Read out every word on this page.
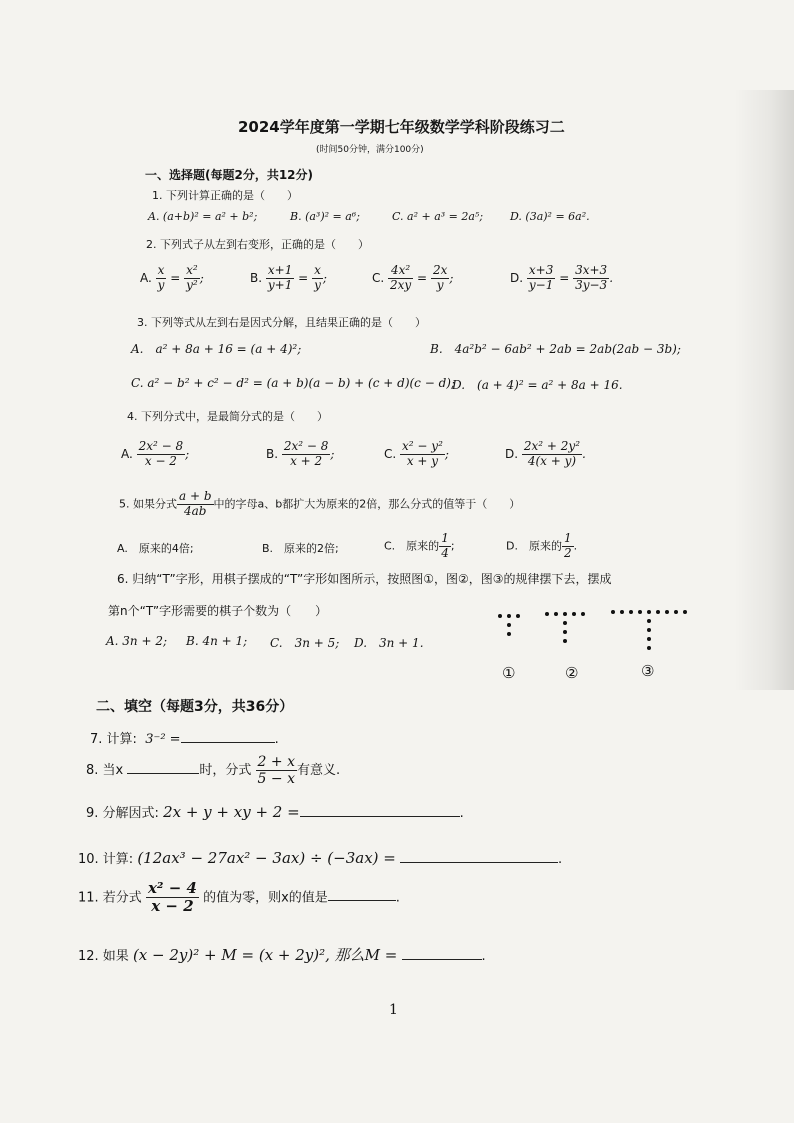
2024学年度第一学期七年级数学学科阶段练习二
(时间50分钟，满分100分)
一、选择题(每题2分，共12分)
1. 下列计算正确的是（　　）
A. (a+b)² = a² + b²;	B. (a³)² = a⁶;	C. a² + a³ = 2a⁵; D. (3a)² = 6a².
2. 下列式子从左到右变形，正确的是（　　）
A. $\frac{x}{y} = \frac{\text{x²}}{\text{y²}}$ ;	B. $\frac{x+1}{y+1} = \frac{x}{y}$ ;	C. $\frac{\text{4x²}}{2xy} = \frac{2x}{y}$ ;	D. $\frac{x+3}{y-1} = \frac{3x+3}{3y-3}$ .
3. 下列等式从左到右是因式分解，且结果正确的是（　　）
A.　a² + 8a + 16 = (a + 4)²;	B.　4a²b² − 6ab² + 2ab = 2ab(2ab − 3b);
C. a² − b² + c² − d² = (a + b)(a − b) + (c + d)(c − d);
D.　(a + 4)² = a² + 8a + 16.
4. 下列分式中，是最简分式的是（　　）
A. $\frac{\text{2x² − 8}}{x - 2}$ ;	B. $\frac{\text{2x² − 8}}{x + 2}$ ;	C. $\frac{\text{x² − y²}}{x + y}$ ;	D. $\frac{\text{2x² + 2y²}}{4(x + y)}$ .
5. 如果分式 $\frac{a + b}{4ab}$ 中的字母a、b都扩大为原来的2倍，那么分式的值等于（　　）
A.　原来的4倍;	B.　原来的2倍;	C.　原来的 $\frac{1}{4}$ ;	D.　原来的 $\frac{1}{2}$ .
6. 归纳“T”字形，用棋子摆成的“T”字形如图所示，按照图①，图②，图③的规律摆下去，摆成
第n个“T”字形需要的棋子个数为（　　）
A. 3n + 2; B. 4n + 1; C.　3n + 5; D.　3n + 1.
①	②	③
二、填空（每题3分，共36分）
7. 计算: 3⁻² =	.
8. 当x	时，分式 $\frac{2 + x}{5 - x}$ 有意义.
9. 分解因式: 2x + y + xy + 2 =	.
10. 计算: (12ax³ − 27ax² − 3ax) ÷ (−3ax) =	.
11. 若分式 $\frac{\text{x² − 4}}{x - 2}$ 的值为零，则x的值是	.
12. 如果 (x − 2y)² + M = (x + 2y)², 那么M =	.
1
